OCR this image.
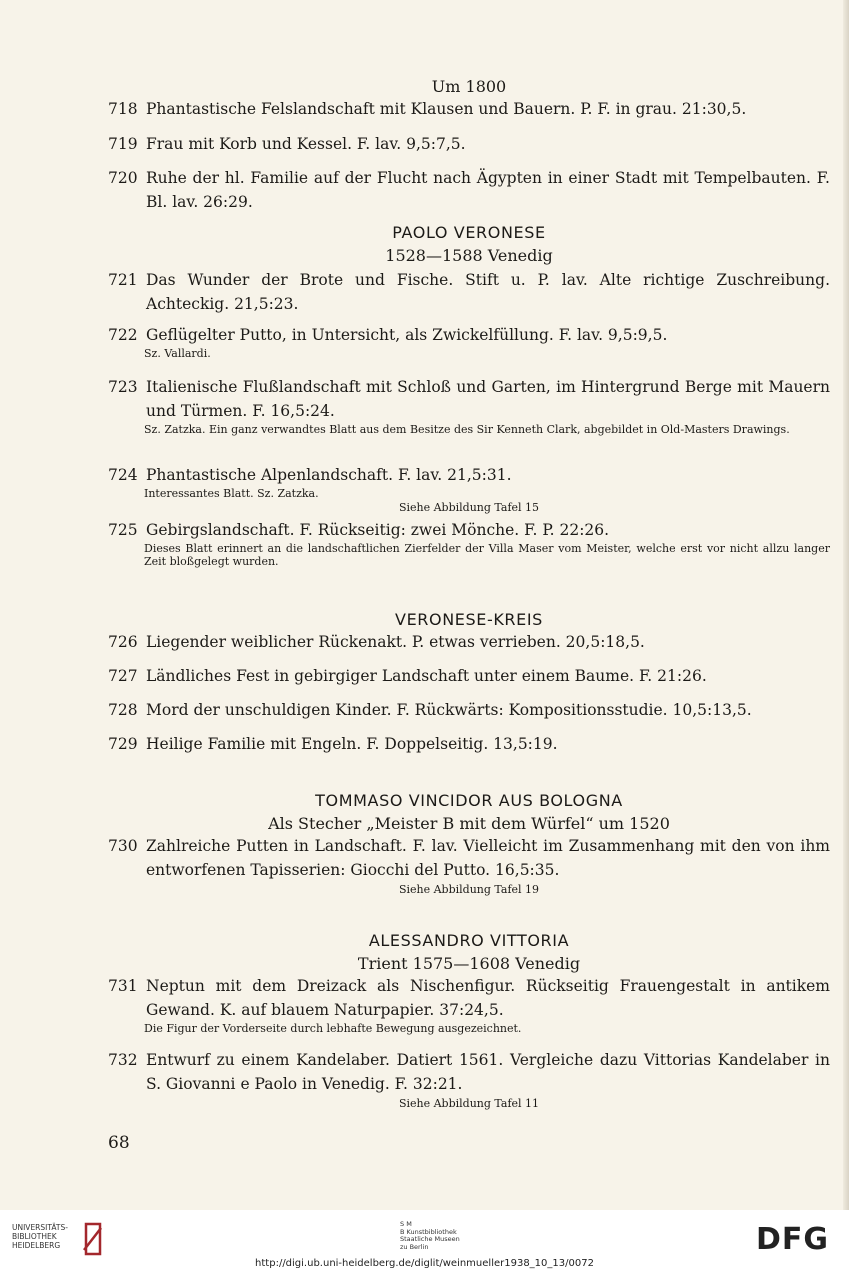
Um 1800
718 Phantastische Felslandschaft mit Klausen und Bauern. P. F. in grau. 21:30,5.
719 Frau mit Korb und Kessel. F. lav. 9,5:7,5.
720 Ruhe der hl. Familie auf der Flucht nach Ägypten in einer Stadt mit Tempelbauten. F. Bl. lav. 26:29.
PAOLO VERONESE
1528—1588 Venedig
721 Das Wunder der Brote und Fische. Stift u. P. lav. Alte richtige Zuschreibung. Achteckig. 21,5:23.
722 Geflügelter Putto, in Untersicht, als Zwickelfüllung. F. lav. 9,5:9,5.
Sz. Vallardi.
723 Italienische Flußlandschaft mit Schloß und Garten, im Hintergrund Berge mit Mauern und Türmen. F. 16,5:24.
Sz. Zatzka. Ein ganz verwandtes Blatt aus dem Besitze des Sir Kenneth Clark, abgebildet in Old-Masters Drawings.
724 Phantastische Alpenlandschaft. F. lav. 21,5:31.
Interessantes Blatt. Sz. Zatzka.
Siehe Abbildung Tafel 15
725 Gebirgslandschaft. F. Rückseitig: zwei Mönche. F. P. 22:26.
Dieses Blatt erinnert an die landschaftlichen Zierfelder der Villa Maser vom Meister, welche erst vor nicht allzu langer Zeit bloßgelegt wurden.
VERONESE-KREIS
726 Liegender weiblicher Rückenakt. P. etwas verrieben. 20,5:18,5.
727 Ländliches Fest in gebirgiger Landschaft unter einem Baume. F. 21:26.
728 Mord der unschuldigen Kinder. F. Rückwärts: Kompositionsstudie. 10,5:13,5.
729 Heilige Familie mit Engeln. F. Doppelseitig. 13,5:19.
TOMMASO VINCIDOR AUS BOLOGNA
Als Stecher „Meister B mit dem Würfel“ um 1520
730 Zahlreiche Putten in Landschaft. F. lav. Vielleicht im Zusammenhang mit den von ihm entworfenen Tapisserien: Giocchi del Putto. 16,5:35.
Siehe Abbildung Tafel 19
ALESSANDRO VITTORIA
Trient 1575—1608 Venedig
731 Neptun mit dem Dreizack als Nischenfigur. Rückseitig Frauengestalt in antikem Gewand. K. auf blauem Naturpapier. 37:24,5.
Die Figur der Vorderseite durch lebhafte Bewegung ausgezeichnet.
732 Entwurf zu einem Kandelaber. Datiert 1561. Vergleiche dazu Vittorias Kandelaber in S. Giovanni e Paolo in Venedig. F. 32:21.
Siehe Abbildung Tafel 11
68
UNIVERSITÄTS-
BIBLIOTHEK
HEIDELBERG
S M
B Kunstbibliothek
Staatliche Museen
zu Berlin	DFG
http://digi.ub.uni-heidelberg.de/diglit/weinmueller1938_10_13/0072
